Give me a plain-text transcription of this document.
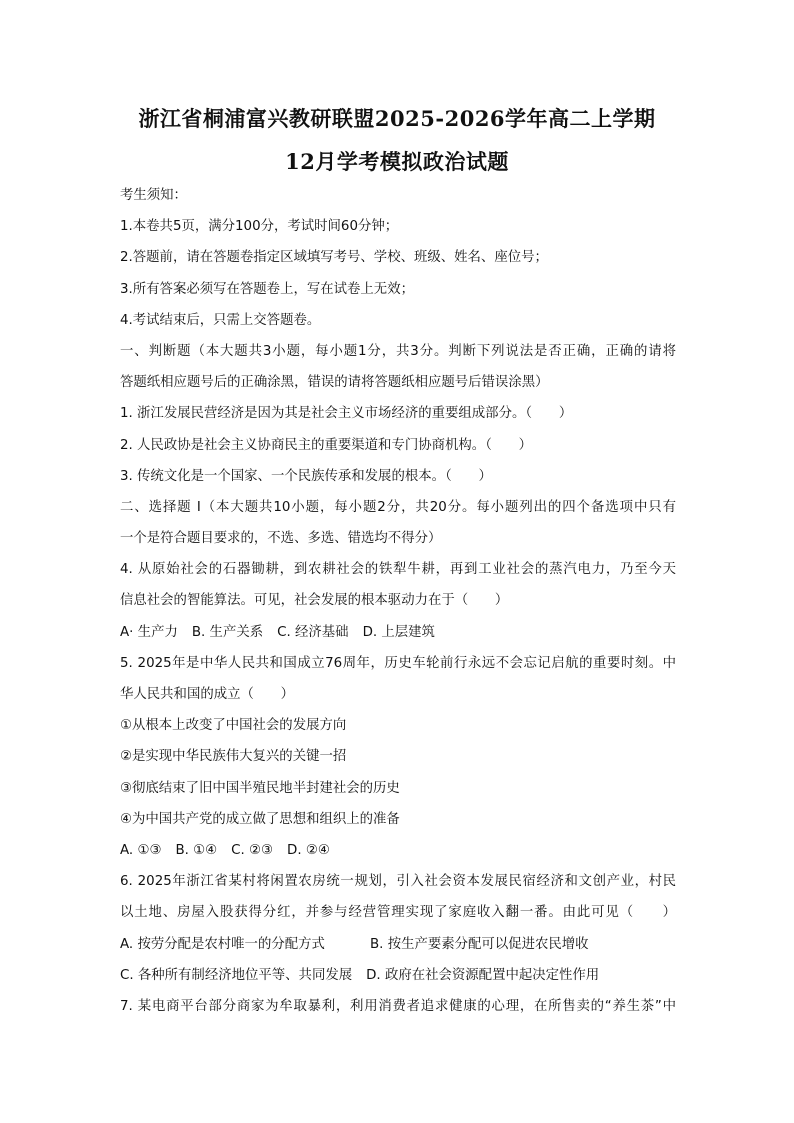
浙江省桐浦富兴教研联盟2025-2026学年高二上学期
12月学考模拟政治试题
考生须知：
1.本卷共5页，满分100分，考试时间60分钟；
2.答题前，请在答题卷指定区域填写考号、学校、班级、姓名、座位号；
3.所有答案必须写在答题卷上，写在试卷上无效；
4.考试结束后，只需上交答题卷。
一、判断题（本大题共3小题，每小题1分，共3分。判断下列说法是否正确，正确的请将
答题纸相应题号后的正确涂黑，错误的请将答题纸相应题号后错误涂黑）
1. 浙江发展民营经济是因为其是社会主义市场经济的重要组成部分。（　　）
2. 人民政协是社会主义协商民主的重要渠道和专门协商机构。（　　）
3. 传统文化是一个国家、一个民族传承和发展的根本。（　　）
二、选择题 I（本大题共10小题，每小题2分，共20分。每小题列出的四个备选项中只有
一个是符合题目要求的，不选、多选、错选均不得分）
4. 从原始社会的石器锄耕，到农耕社会的铁犁牛耕，再到工业社会的蒸汽电力，乃至今天
信息社会的智能算法。可见，社会发展的根本驱动力在于（　　）
A· 生产力 B. 生产关系 C. 经济基础 D. 上层建筑
5. 2025年是中华人民共和国成立76周年，历史车轮前行永远不会忘记启航的重要时刻。中
华人民共和国的成立（　　）
①从根本上改变了中国社会的发展方向
②是实现中华民族伟大复兴的关键一招
③彻底结束了旧中国半殖民地半封建社会的历史
④为中国共产党的成立做了思想和组织上的准备
A. ①③ B. ①④ C. ②③ D. ②④
6. 2025年浙江省某村将闲置农房统一规划，引入社会资本发展民宿经济和文创产业，村民
以土地、房屋入股获得分红，并参与经营管理实现了家庭收入翻一番。由此可见（　　）
A. 按劳分配是农村唯一的分配方式	B. 按生产要素分配可以促进农民增收
C. 各种所有制经济地位平等、共同发展 D. 政府在社会资源配置中起决定性作用
7. 某电商平台部分商家为牟取暴利，利用消费者追求健康的心理，在所售卖的“养生茶”中
